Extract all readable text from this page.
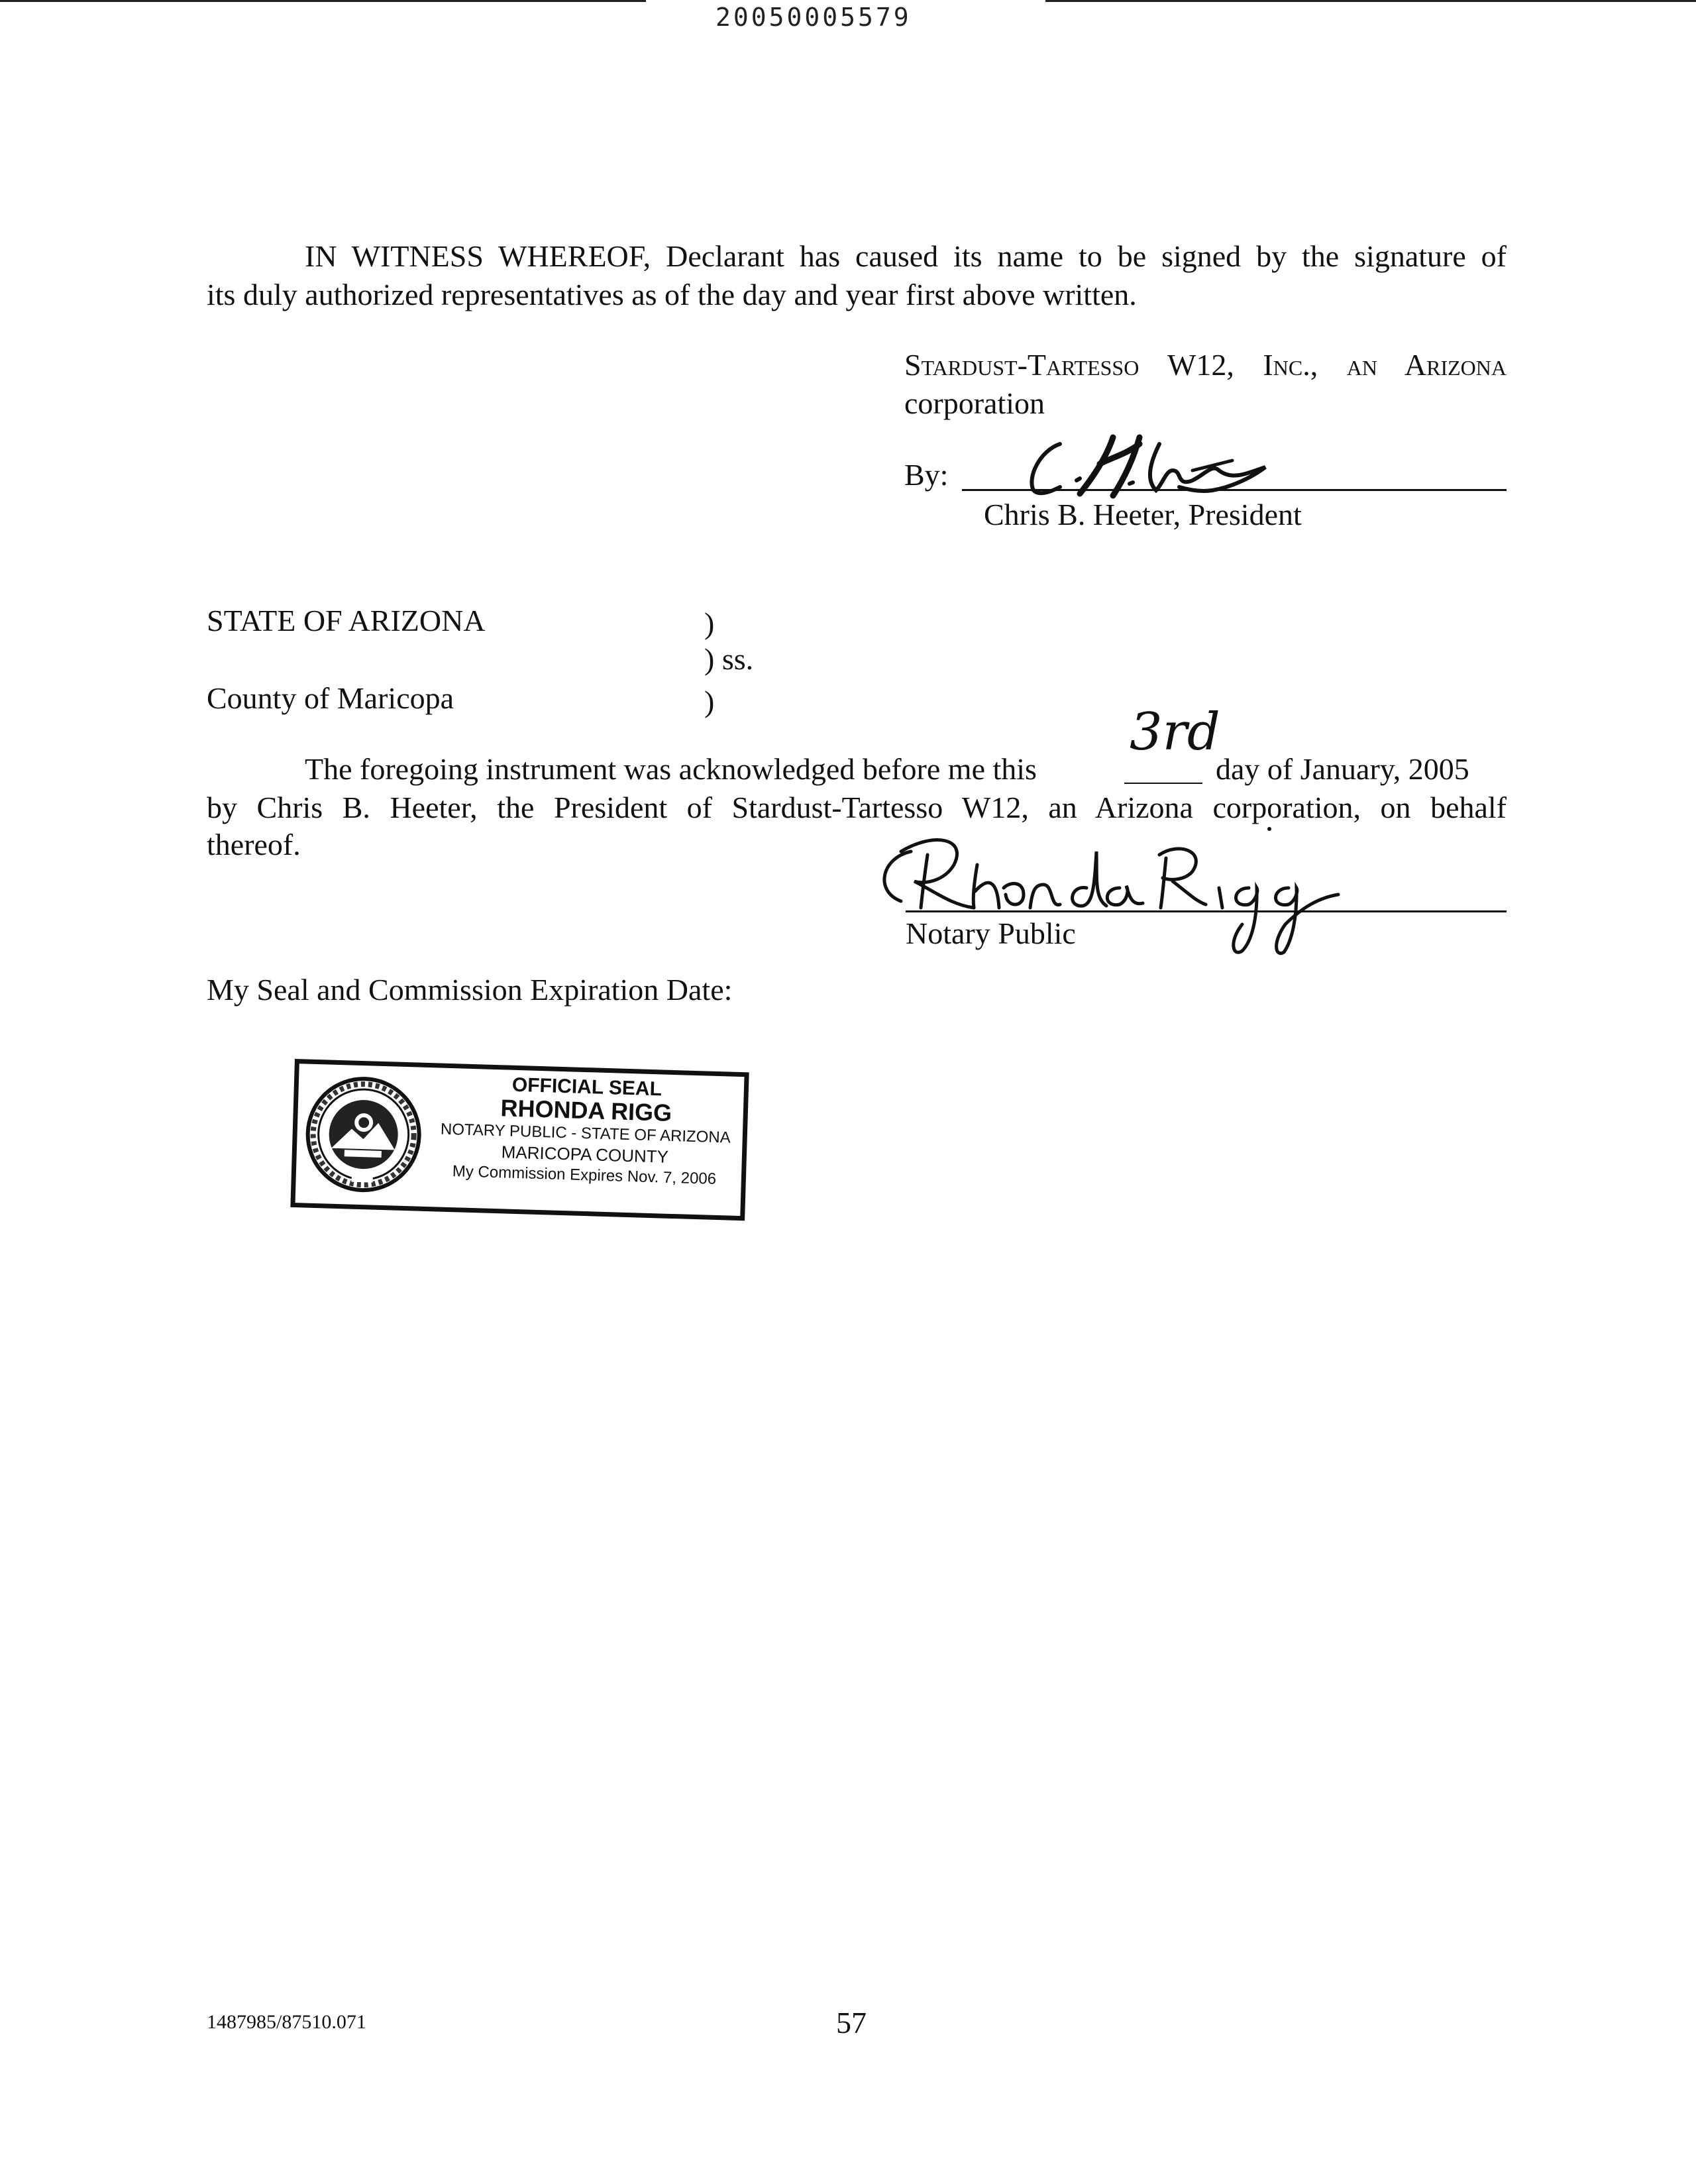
20050005579
IN WITNESS WHEREOF, Declarant has caused its name to be signed by the signature of
its duly authorized representatives as of the day and year first above written.
Stardust-Tartesso W12, Inc., an Arizona
corporation
By:
Chris B. Heeter, President
STATE OF ARIZONA	)
) ss.
County of Maricopa	)
The foregoing instrument was acknowledged before me this
3rd
day of January, 2005
by Chris B. Heeter, the President of Stardust-Tartesso W12, an Arizona corporation, on behalf
thereof.
Notary Public
My Seal and Commission Expiration Date:
OFFICIAL SEAL
RHONDA RIGG
NOTARY PUBLIC - STATE OF ARIZONA
MARICOPA COUNTY
My Commission Expires Nov. 7, 2006
1487985/87510.071	57
